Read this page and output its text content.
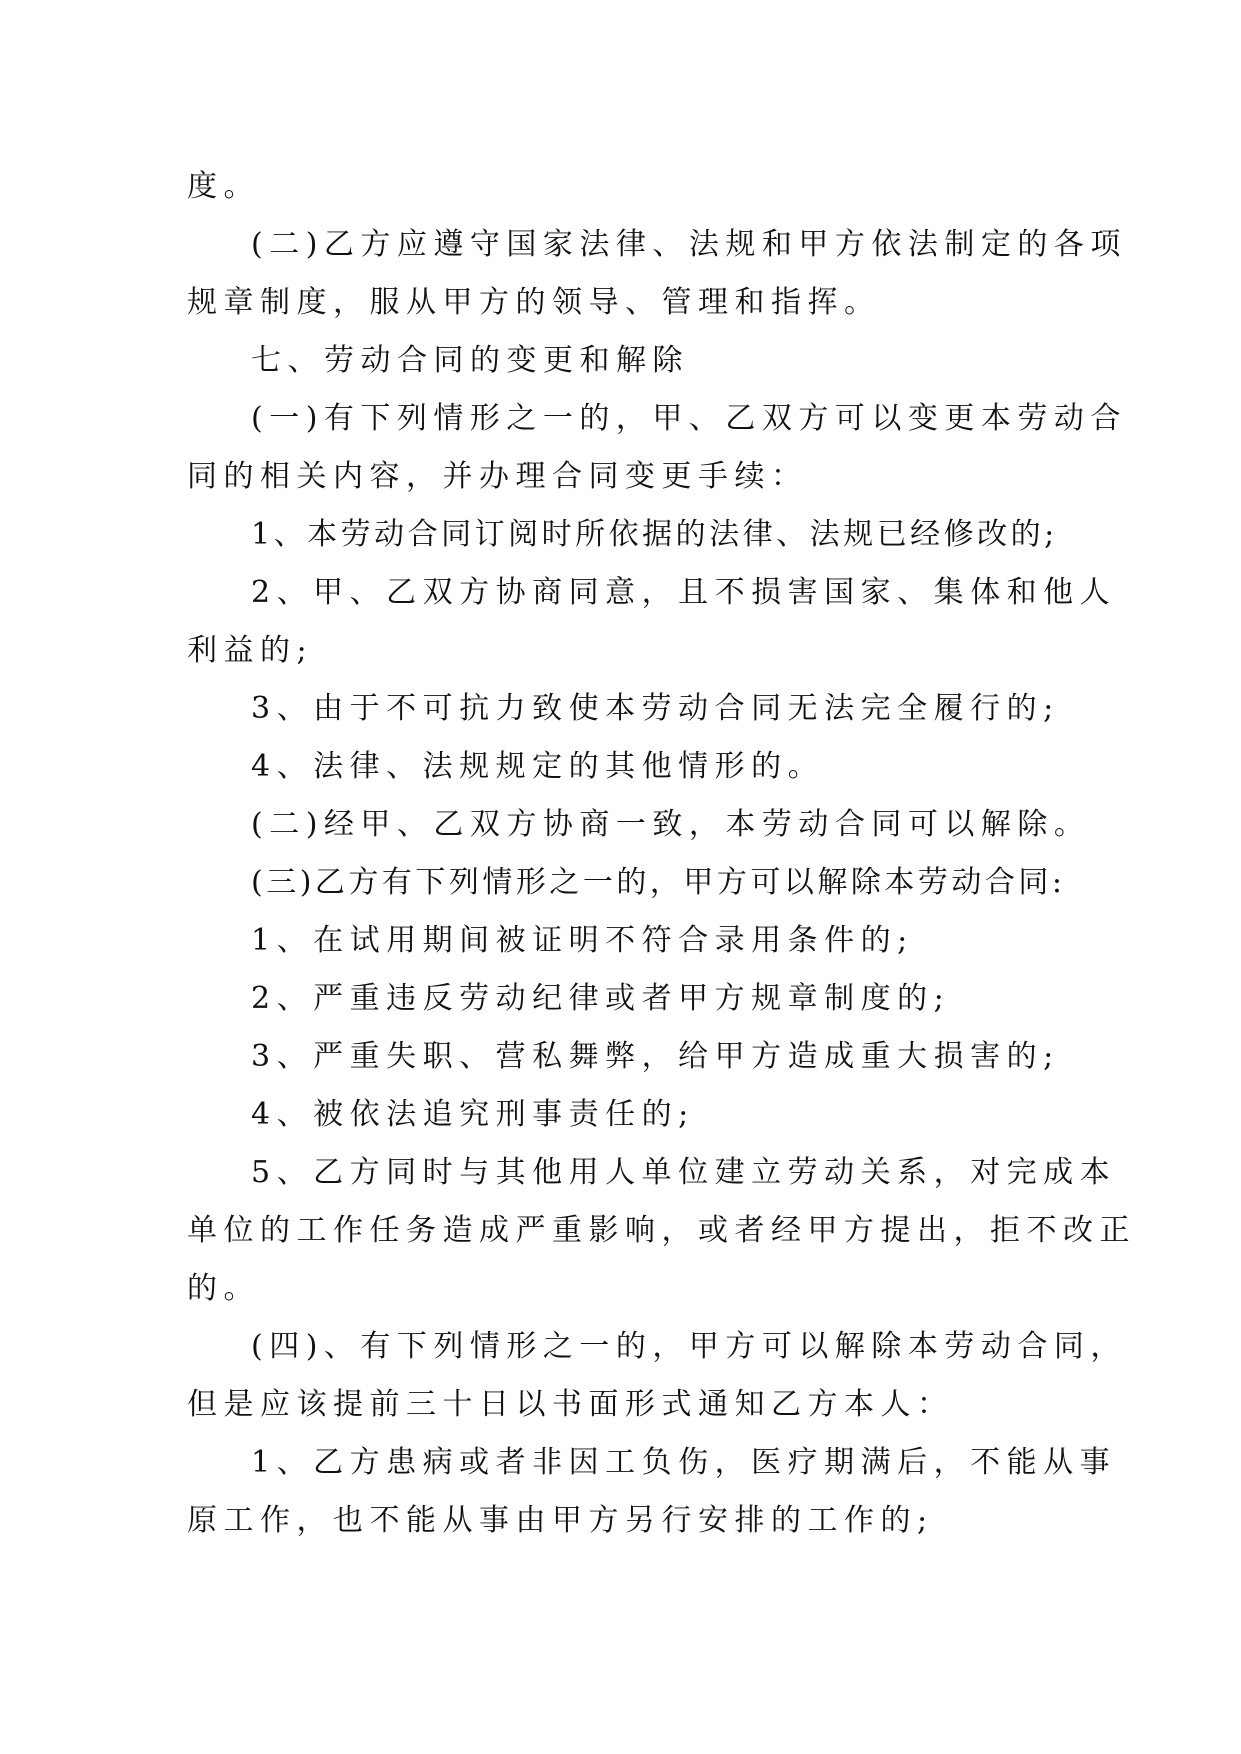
度。
(二)乙方应遵守国家法律、法规和甲方依法制定的各项
规章制度，服从甲方的领导、管理和指挥。
七、劳动合同的变更和解除
(一)有下列情形之一的，甲、乙双方可以变更本劳动合
同的相关内容，并办理合同变更手续：
1、本劳动合同订阅时所依据的法律、法规已经修改的;
2、甲、乙双方协商同意，且不损害国家、集体和他人
利益的;
3、由于不可抗力致使本劳动合同无法完全履行的;
4、法律、法规规定的其他情形的。
(二)经甲、乙双方协商一致，本劳动合同可以解除。
(三)乙方有下列情形之一的，甲方可以解除本劳动合同:
1、在试用期间被证明不符合录用条件的;
2、严重违反劳动纪律或者甲方规章制度的;
3、严重失职、营私舞弊，给甲方造成重大损害的;
4、被依法追究刑事责任的;
5、乙方同时与其他用人单位建立劳动关系，对完成本
单位的工作任务造成严重影响，或者经甲方提出，拒不改正
的。
(四)、有下列情形之一的，甲方可以解除本劳动合同，
但是应该提前三十日以书面形式通知乙方本人：
1、乙方患病或者非因工负伤，医疗期满后，不能从事
原工作，也不能从事由甲方另行安排的工作的;
